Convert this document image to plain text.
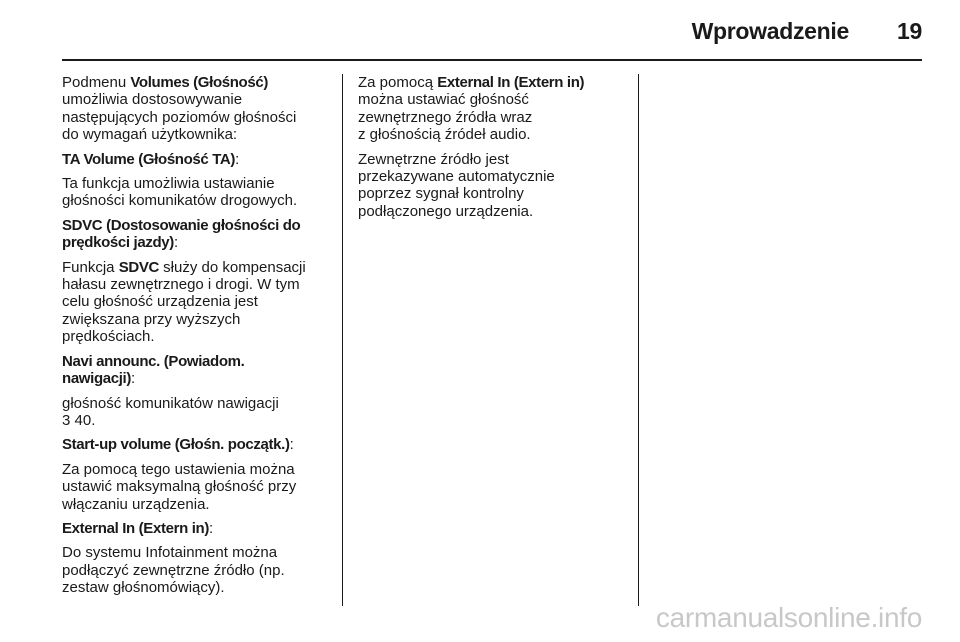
Wprowadzenie 19

Podmenu Volumes (Głośność)
umożliwia dostosowywanie
następujących poziomów głośności
do wymagań użytkownika:

TA Volume (Głośność TA):

Ta funkcja umożliwia ustawianie
głośności komunikatów drogowych.

SDVC (Dostosowanie głośności do
prędkości jazdy):

Funkcja SDVC służy do kompensacji
hałasu zewnętrznego i drogi. W tym
celu głośność urządzenia jest
zwiększana przy wyższych
prędkościach.

Navi announc. (Powiadom.
nawigacji):

głośność komunikatów nawigacji
3 40.

Start-up volume (Głośn. początk.):

Za pomocą tego ustawienia można
ustawić maksymalną głośność przy
włączaniu urządzenia.

External In (Extern in):

Do systemu Infotainment można
podłączyć zewnętrzne źródło (np.
zestaw głośnomówiący).

Za pomocą External In (Extern in)
można ustawiać głośność
zewnętrznego źródła wraz
z głośnością źródeł audio.

Zewnętrzne źródło jest
przekazywane automatycznie
poprzez sygnał kontrolny
podłączonego urządzenia.

carmanualsonline.info
